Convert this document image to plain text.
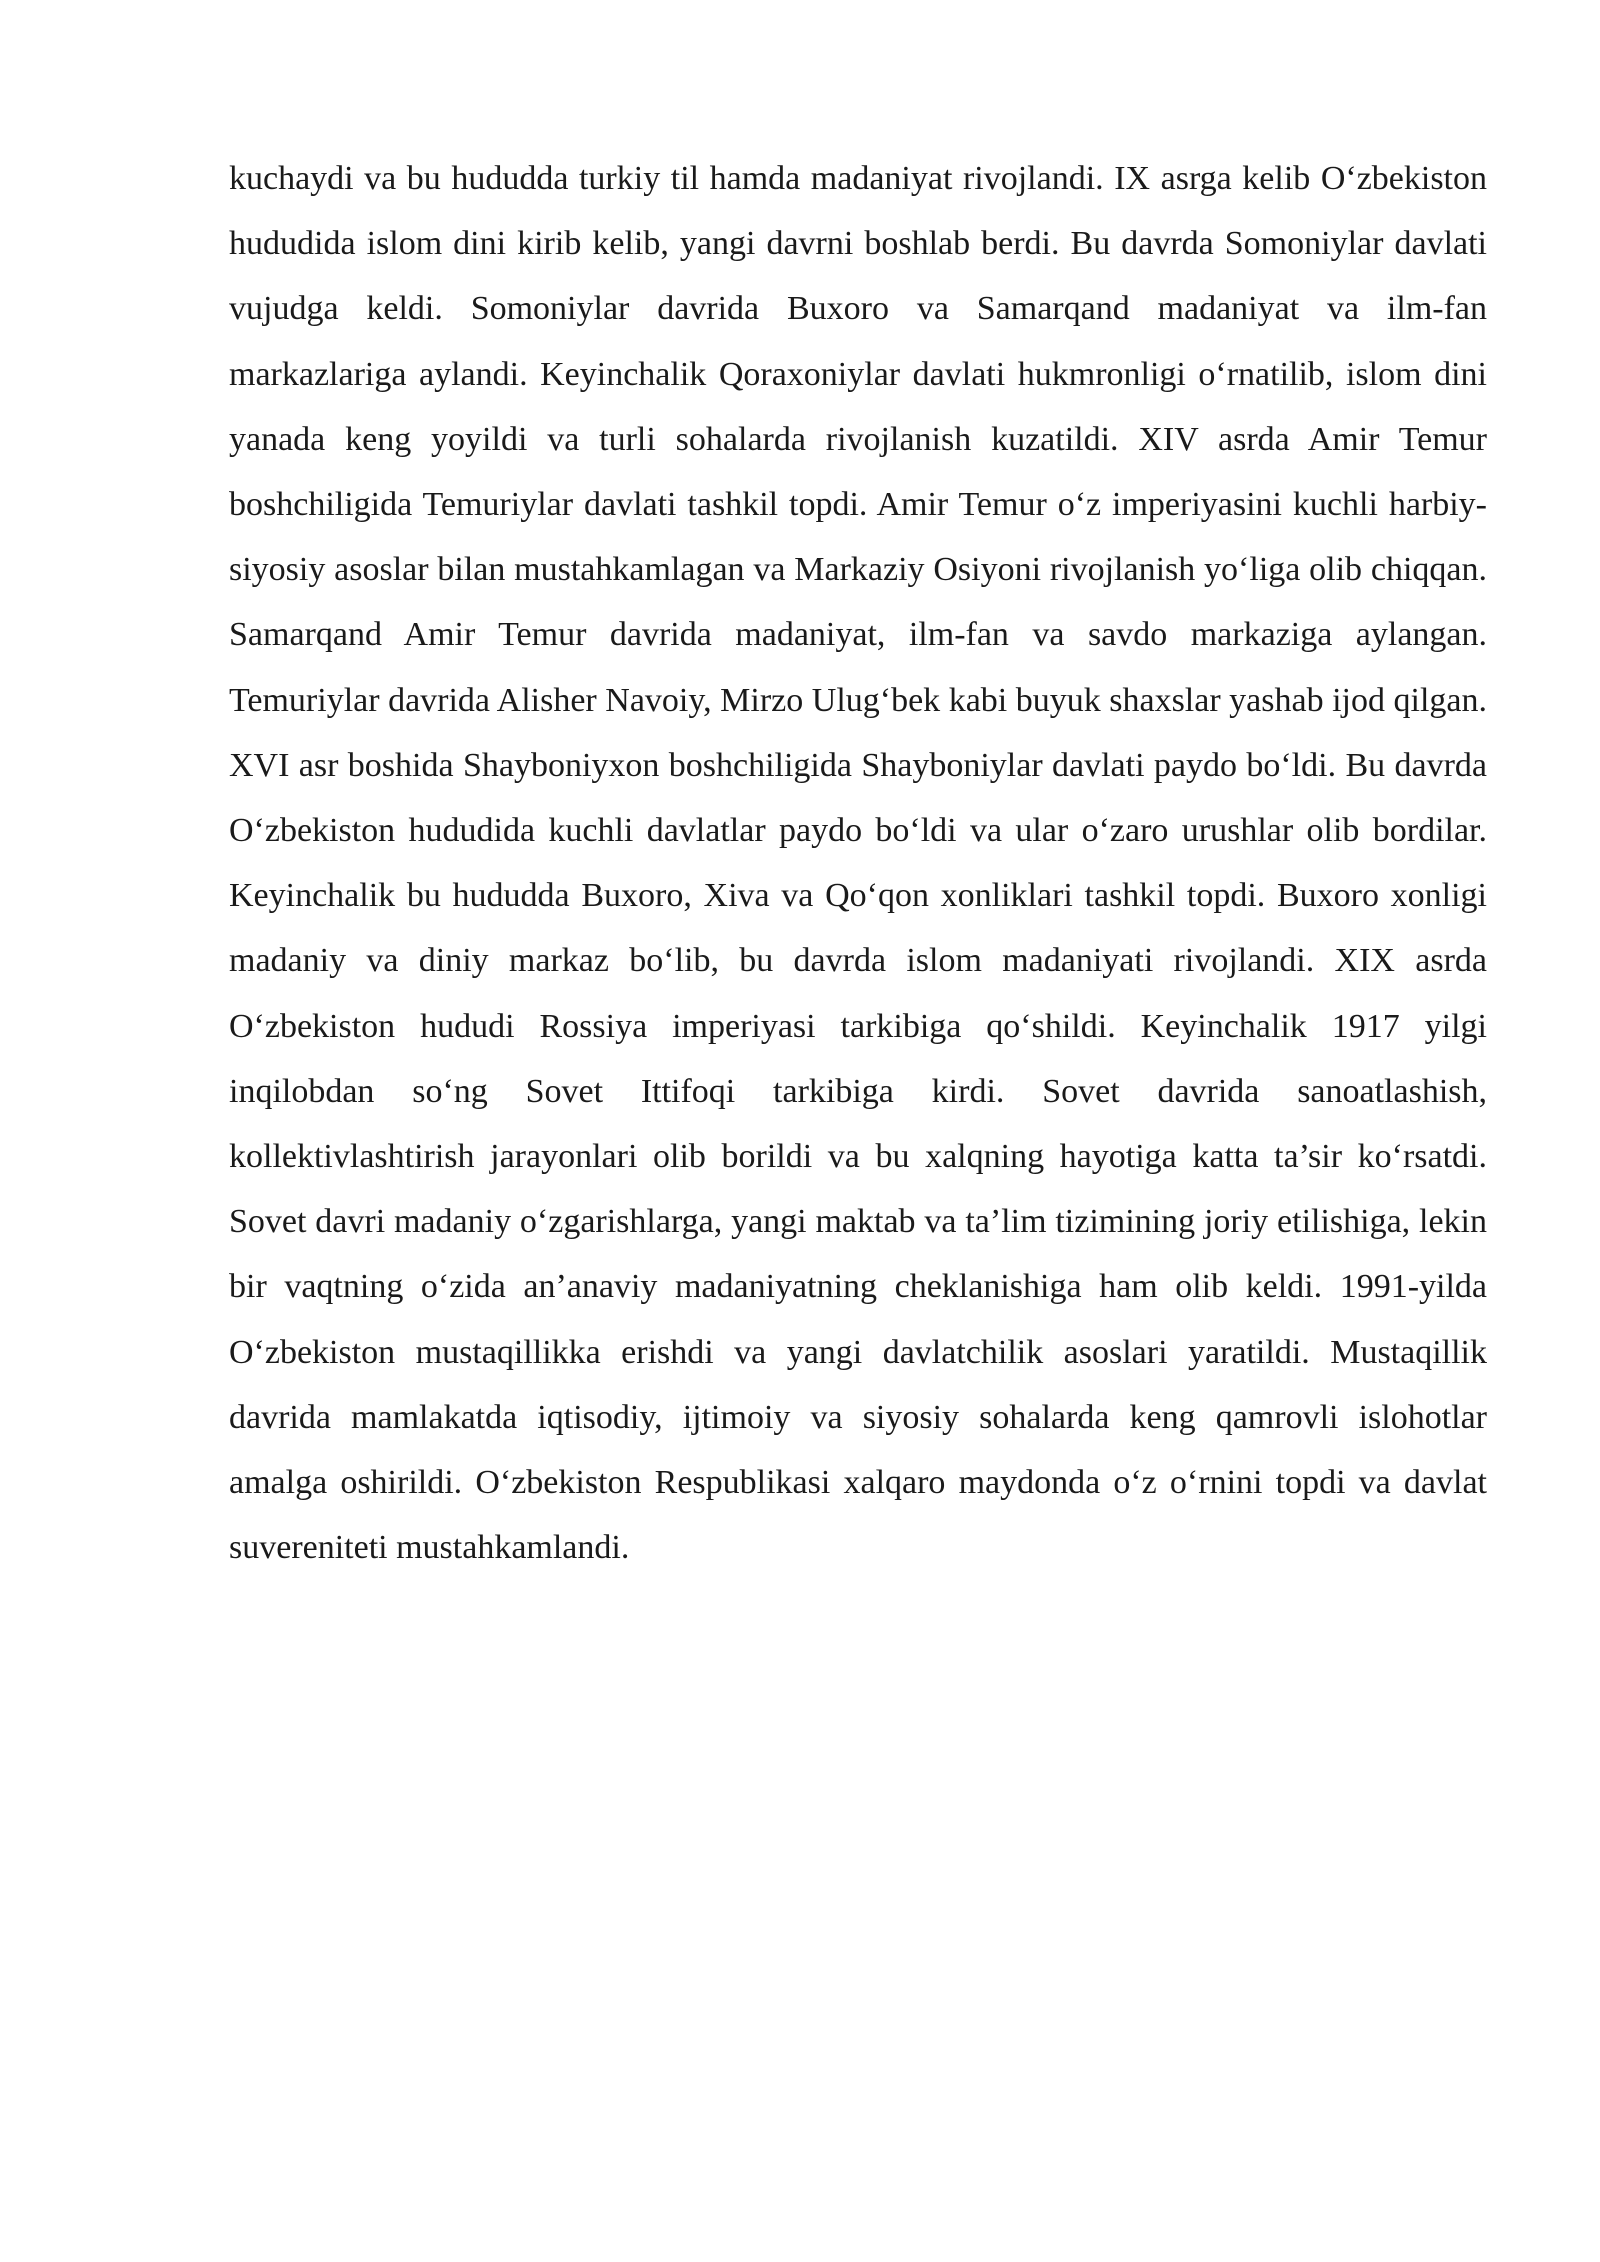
kuchaydi va bu hududda turkiy til hamda madaniyat rivojlandi. IX asrga kelib O‘zbekiston hududida islom dini kirib kelib, yangi davrni boshlab berdi. Bu davrda Somoniylar davlati vujudga keldi. Somoniylar davrida Buxoro va Samarqand madaniyat va ilm-fan markazlariga aylandi. Keyinchalik Qoraxoniylar davlati hukmronligi o‘rnatilib, islom dini yanada keng yoyildi va turli sohalarda rivojlanish kuzatildi. XIV asrda Amir Temur boshchiligida Temuriylar davlati tashkil topdi. Amir Temur o‘z imperiyasini kuchli harbiy-siyosiy asoslar bilan mustahkamlagan va Markaziy Osiyoni rivojlanish yo‘liga olib chiqqan. Samarqand Amir Temur davrida madaniyat, ilm-fan va savdo markaziga aylangan. Temuriylar davrida Alisher Navoiy, Mirzo Ulug‘bek kabi buyuk shaxslar yashab ijod qilgan. XVI asr boshida Shayboniyxon boshchiligida Shayboniylar davlati paydo bo‘ldi. Bu davrda O‘zbekiston hududida kuchli davlatlar paydo bo‘ldi va ular o‘zaro urushlar olib bordilar. Keyinchalik bu hududda Buxoro, Xiva va Qo‘qon xonliklari tashkil topdi. Buxoro xonligi madaniy va diniy markaz bo‘lib, bu davrda islom madaniyati rivojlandi. XIX asrda O‘zbekiston hududi Rossiya imperiyasi tarkibiga qo‘shildi. Keyinchalik 1917 yilgi inqilobdan so‘ng Sovet Ittifoqi tarkibiga kirdi. Sovet davrida sanoatlashish, kollektivlashtirish jarayonlari olib borildi va bu xalqning hayotiga katta ta’sir ko‘rsatdi. Sovet davri madaniy o‘zgarishlarga, yangi maktab va ta’lim tizimining joriy etilishiga, lekin bir vaqtning o‘zida an’anaviy madaniyatning cheklanishiga ham olib keldi. 1991-yilda O‘zbekiston mustaqillikka erishdi va yangi davlatchilik asoslari yaratildi. Mustaqillik davrida mamlakatda iqtisodiy, ijtimoiy va siyosiy sohalarda keng qamrovli islohotlar amalga oshirildi. O‘zbekiston Respublikasi xalqaro maydonda o‘z o‘rnini topdi va davlat suvereniteti mustahkamlandi.
